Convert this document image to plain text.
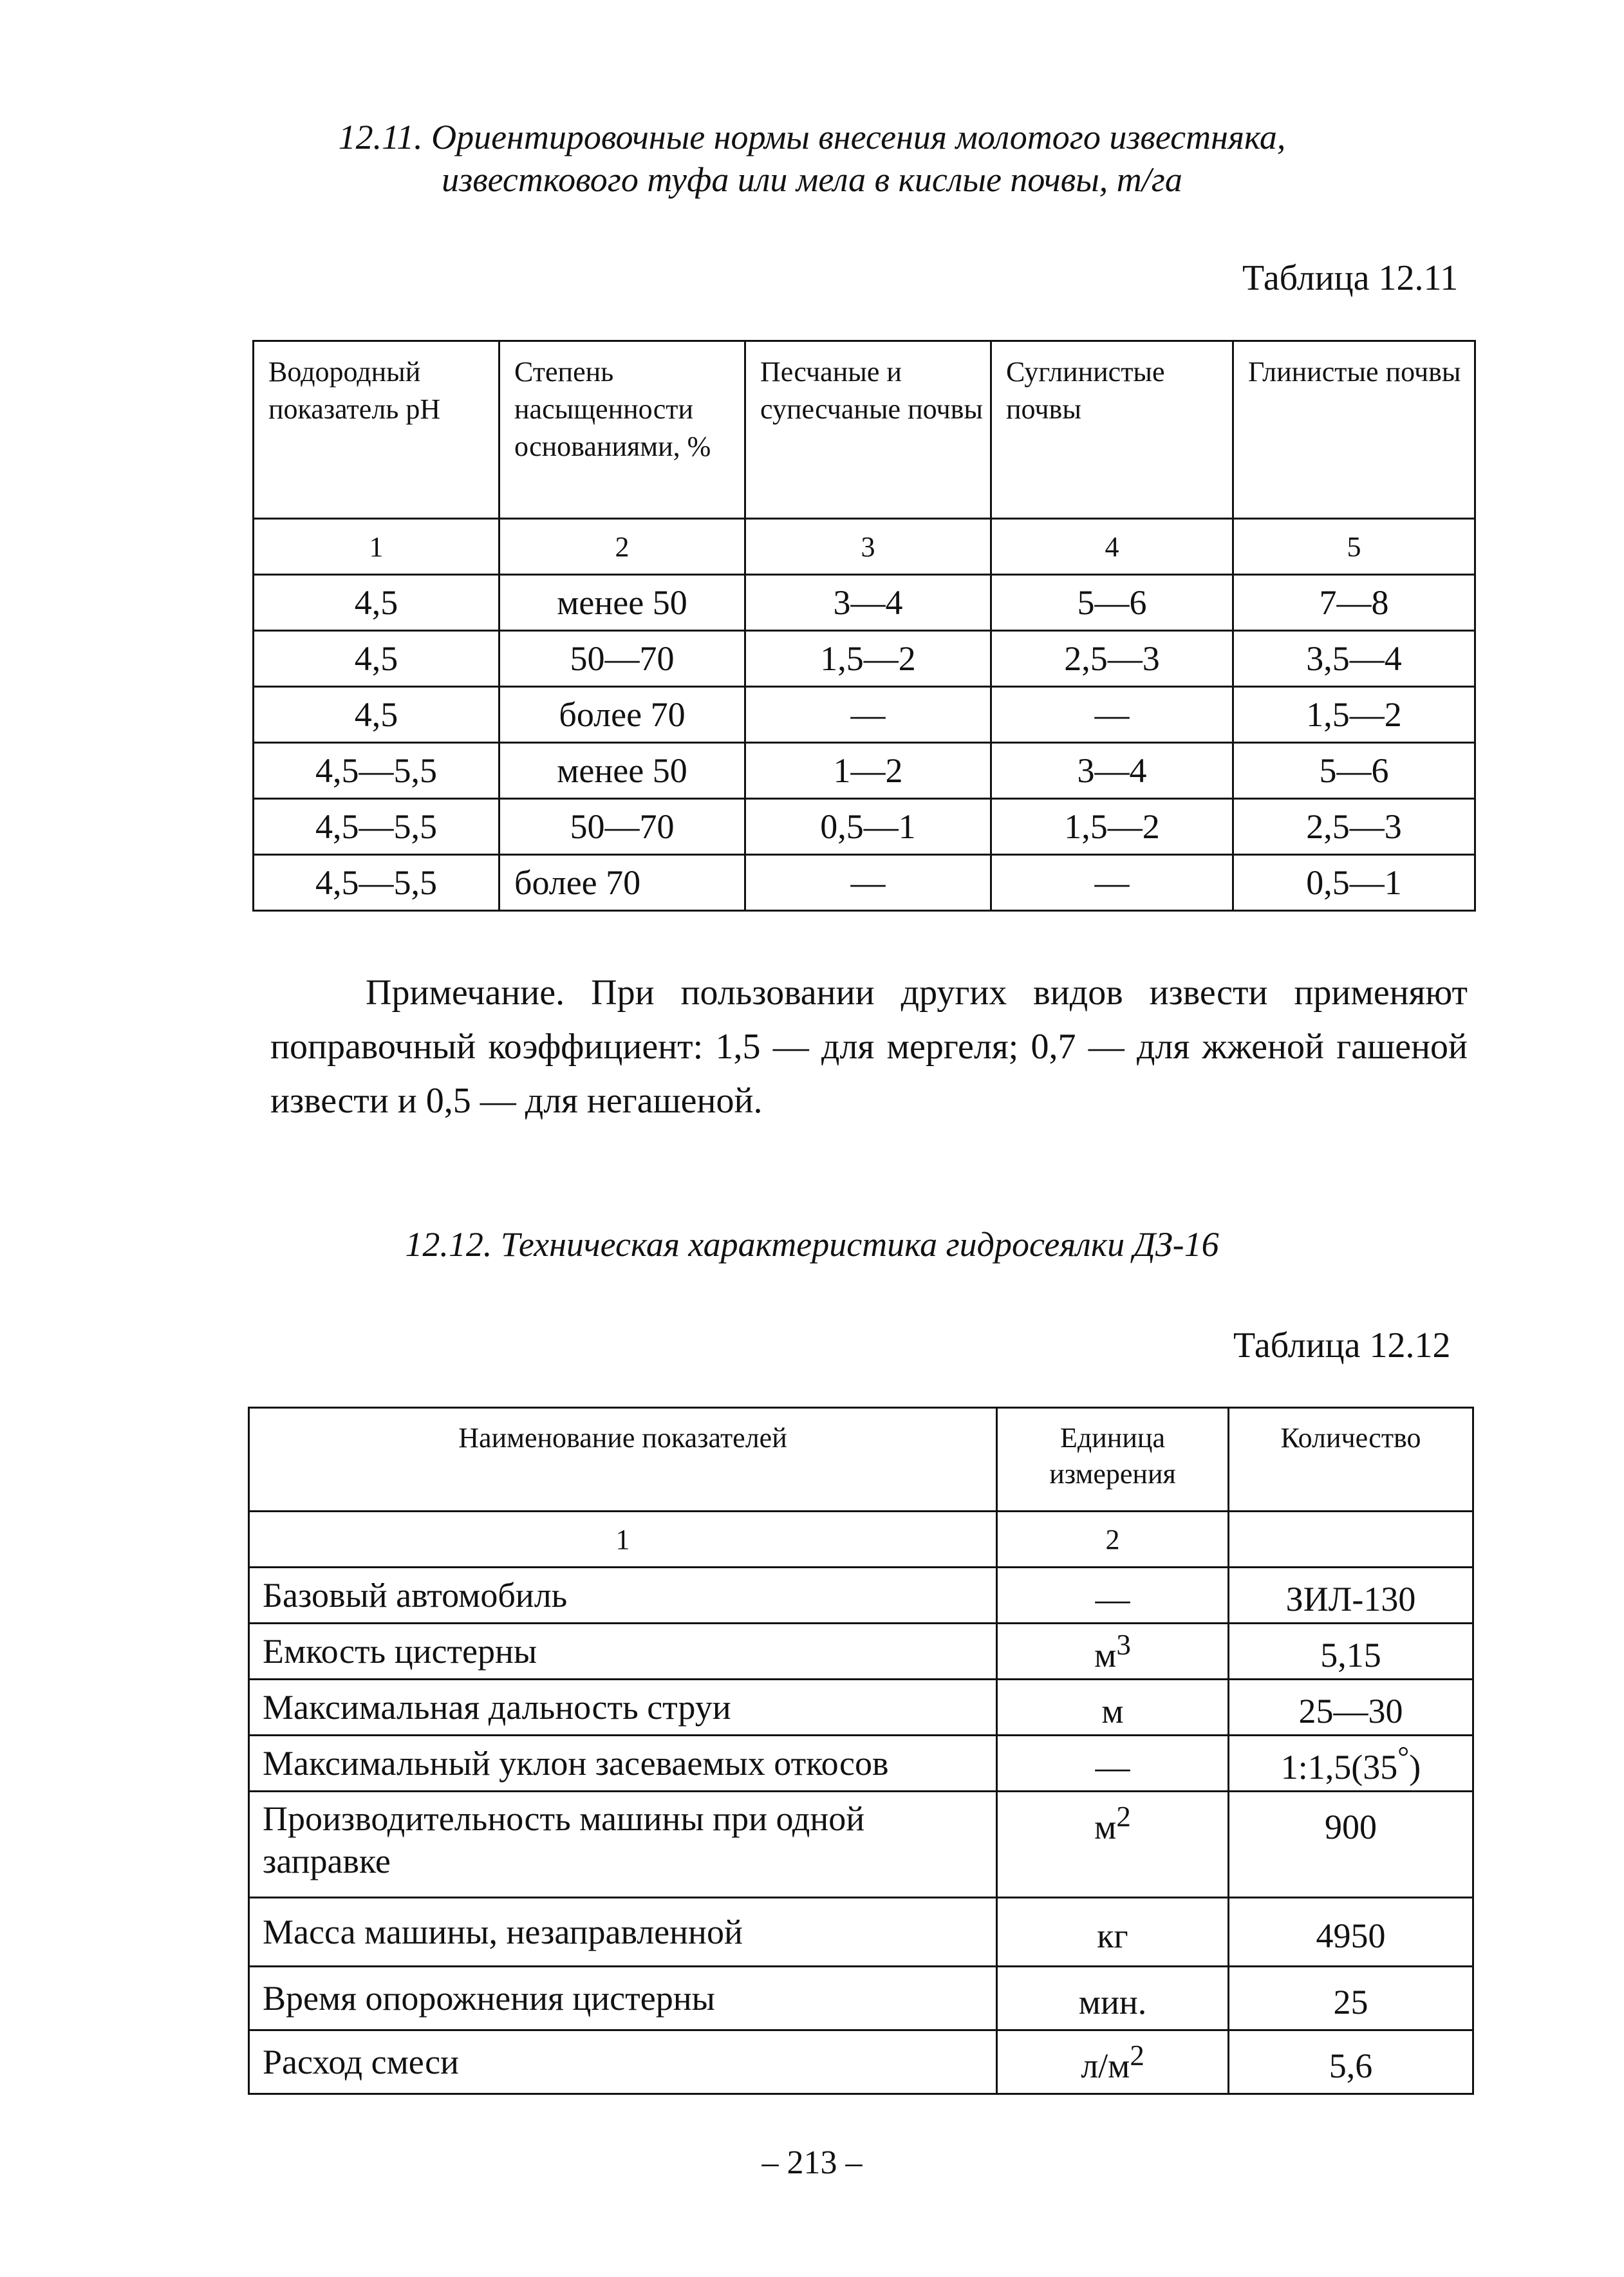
12.11. Ориентировочные нормы внесения молотого известняка,
известкового туфа или мела в кислые почвы, т/га
Таблица 12.11
Водородный показатель рН	Степень насыщенности основаниями, %	Песчаные и супесчаные почвы	Суглинистые почвы	Глинистые почвы
1	2	3	4	5
4,5	менее 50	3—4	5—6	7—8
4,5	50—70	1,5—2	2,5—3	3,5—4
4,5	более 70	—	—	1,5—2
4,5—5,5	менее 50	1—2	3—4	5—6
4,5—5,5	50—70	0,5—1	1,5—2	2,5—3
4,5—5,5	более 70	—	—	0,5—1

Примечание. При пользовании других видов извести применяют поправочный коэффициент: 1,5 — для мергеля; 0,7 — для жженой гашеной извести и 0,5 — для негашеной.

12.12. Техническая характеристика гидросеялки ДЗ-16
Таблица 12.12
Наименование показателей	Единица измерения	Количество
1	2	
Базовый автомобиль	—	ЗИЛ-130
Емкость цистерны	$м^3$	5,15
Максимальная дальность струи	м	25—30
Максимальный уклон засеваемых откосов	—	1:1,5(35°)
Производительность машины при одной заправке	$м^2$	900
Масса машины, незаправленной	кг	4950
Время опорожнения цистерны	мин.	25
Расход смеси	$л/м^2$	5,6
– 213 –
